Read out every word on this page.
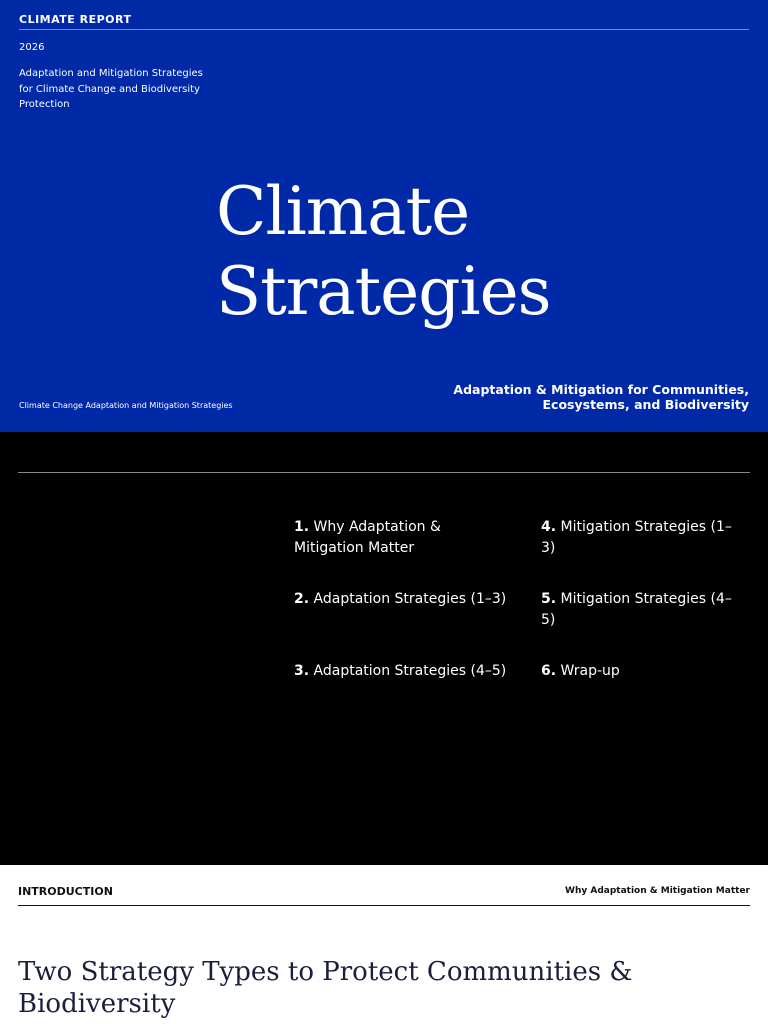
CLIMATE REPORT
2026
Adaptation and Mitigation Strategies for Climate Change and Biodiversity Protection
Climate
Strategies
Climate Change Adaptation and Mitigation Strategies
Adaptation & Mitigation for Communities, Ecosystems, and Biodiversity
CATALOG
1. Why Adaptation & Mitigation Matter
2. Adaptation Strategies (1–3)
3. Adaptation Strategies (4–5)
4. Mitigation Strategies (1–3)
5. Mitigation Strategies (4–5)
6. Wrap-up
INTRODUCTION	Why Adaptation & Mitigation Matter
Two Strategy Types to Protect Communities & Biodiversity
